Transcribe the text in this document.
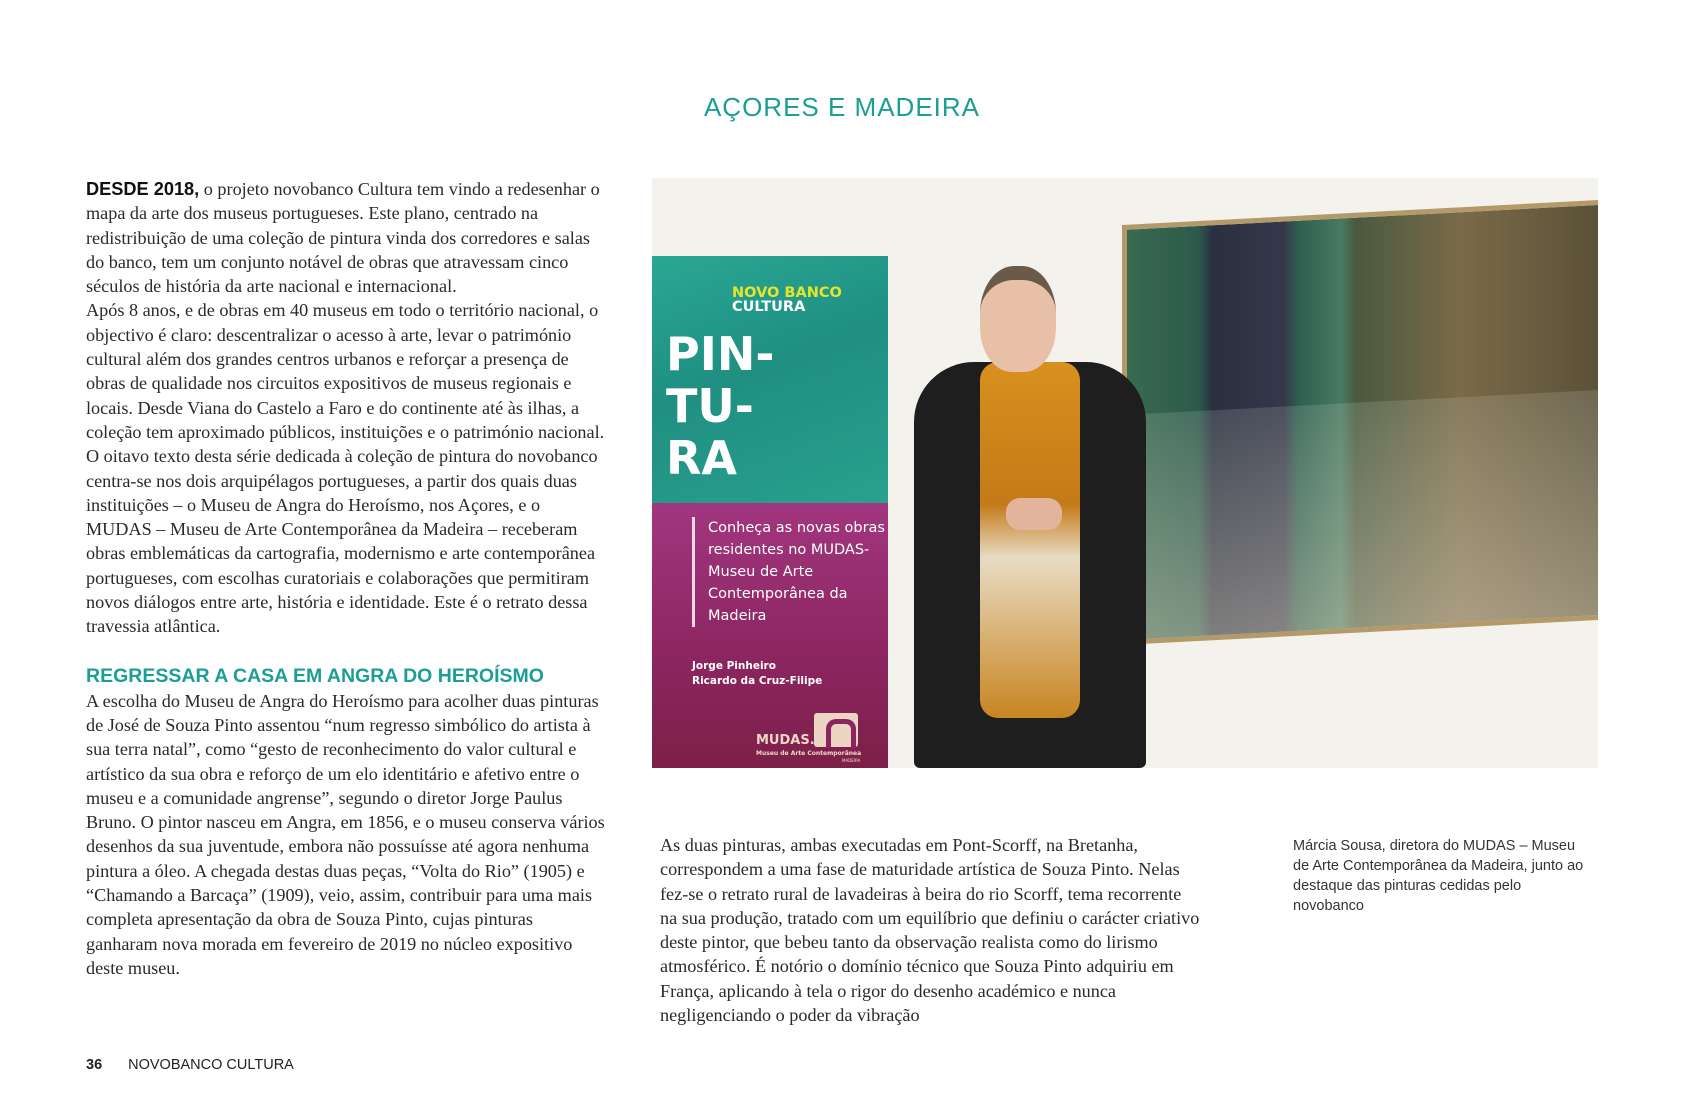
AÇORES E MADEIRA

DESDE 2018, o projeto novobanco Cultura tem vindo a redesenhar o mapa da arte dos museus portugueses. Este plano, centrado na redistribuição de uma coleção de pintura vinda dos corredores e salas do banco, tem um conjunto notável de obras que atravessam cinco séculos de história da arte nacional e internacional.

Após 8 anos, e de obras em 40 museus em todo o território nacional, o objectivo é claro: descentralizar o acesso à arte, levar o património cultural além dos grandes centros urbanos e reforçar a presença de obras de qualidade nos circuitos expositivos de museus regionais e locais. Desde Viana do Castelo a Faro e do continente até às ilhas, a coleção tem aproximado públicos, instituições e o património nacional.

O oitavo texto desta série dedicada à coleção de pintura do novobanco centra-se nos dois arquipélagos portugueses, a partir dos quais duas instituições – o Museu de Angra do Heroísmo, nos Açores, e o MUDAS – Museu de Arte Contemporânea da Madeira – receberam obras emblemáticas da cartografia, modernismo e arte contemporânea portugueses, com escolhas curatoriais e colaborações que permitiram novos diálogos entre arte, história e identidade. Este é o retrato dessa travessia atlântica.

REGRESSAR A CASA EM ANGRA DO HEROÍSMO

A escolha do Museu de Angra do Heroísmo para acolher duas pinturas de José de Souza Pinto assentou “num regresso simbólico do artista à sua terra natal”, como “gesto de reconhecimento do valor cultural e artístico da sua obra e reforço de um elo identitário e afetivo entre o museu e a comunidade angrense”, segundo o diretor Jorge Paulus Bruno. O pintor nasceu em Angra, em 1856, e o museu conserva vários desenhos da sua juventude, embora não possuísse até agora nenhuma pintura a óleo. A chegada destas duas peças, “Volta do Rio” (1905) e “Chamando a Barcaça” (1909), veio, assim, contribuir para uma mais completa apresentação da obra de Souza Pinto, cujas pinturas ganharam nova morada em fevereiro de 2019 no núcleo expositivo deste museu.

NOVO BANCO
CULTURA
PIN-
TU-
RA
Conheça as novas obras residentes no MUDAS- Museu de Arte Contemporânea da Madeira
Jorge Pinheiro
Ricardo da Cruz-Filipe
MUDAS.
Museu de Arte Contemporânea
MADEIRA

As duas pinturas, ambas executadas em Pont-Scorff, na Bretanha, correspondem a uma fase de maturidade artística de Souza Pinto. Nelas fez-se o retrato rural de lavadeiras à beira do rio Scorff, tema recorrente na sua produção, tratado com um equilíbrio que definiu o carácter criativo deste pintor, que bebeu tanto da observação realista como do lirismo atmosférico. É notório o domínio técnico que Souza Pinto adquiriu em França, aplicando à tela o rigor do desenho académico e nunca negligenciando o poder da vibração

Márcia Sousa, diretora do MUDAS – Museu de Arte Contemporânea da Madeira, junto ao destaque das pinturas cedidas pelo novobanco
36 NOVOBANCO CULTURA
